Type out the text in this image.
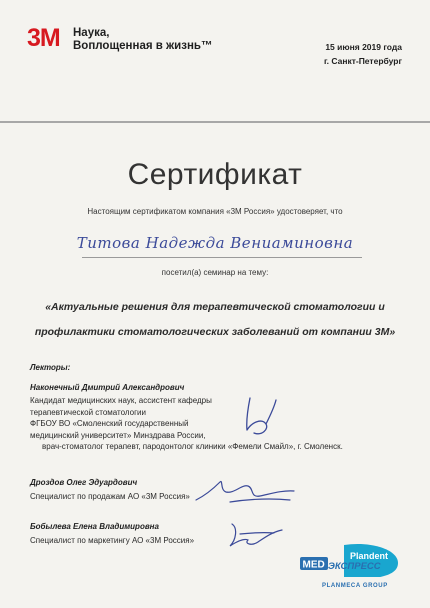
3M Наука,
Воплощенная в жизнь™	15 июня 2019 года
г. Санкт-Петербург
Сертификат
Настоящим сертификатом компания «3М Россия» удостоверяет, что
Титова Надежда Вениаминовна
посетил(а) семинар на тему:
«Актуальные решения для терапевтической стоматологии и
профилактики стоматологических заболеваний от компании 3М»
Лекторы:
Наконечный Дмитрий Александрович
Кандидат медицинских наук, ассистент кафедры
терапевтической стоматологии
ФГБОУ ВО «Смоленский государственный
медицинский университет» Минздрава России,
врач-стоматолог терапевт, пародонтолог клиники «Фемели Смайл», г. Смоленск.
Дроздов Олег Эдуардович
Специалист по продажам АО «3М Россия»
Бобылева Елена Владимировна
Специалист по маркетингу АО «3М Россия»
MED
Plandent
ЭКСПРЕСС
PLANMECA GROUP
